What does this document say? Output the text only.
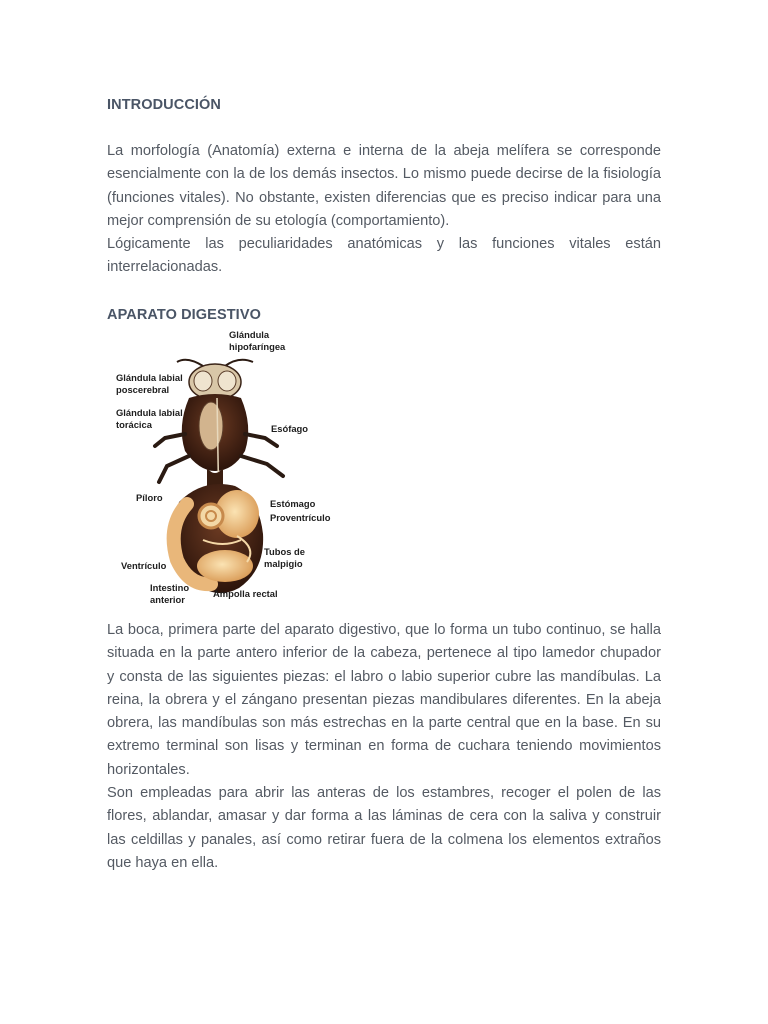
INTRODUCCIÓN
La morfología (Anatomía) externa e interna de la abeja melífera se corresponde
esencialmente con la de los demás insectos. Lo mismo puede decirse de la fisiología
(funciones vitales). No obstante, existen diferencias que es preciso indicar para una
mejor comprensión de su etología (comportamiento).
Lógicamente las peculiaridades anatómicas y las funciones vitales están
interrelacionadas.
APARATO DIGESTIVO
Glándula
hipofaríngea
Glándula labial
poscerebral
Glándula labial
torácica	Esófago
Píloro
Estómago
Proventrículo
Tubos de
malpigio
Ventrículo
Intestino
anterior
Ampolla rectal
La boca, primera parte del aparato digestivo, que lo forma un tubo continuo, se halla
situada en la parte antero inferior de la cabeza, pertenece al tipo lamedor chupador
y consta de las siguientes piezas: el labro o labio superior cubre las mandíbulas. La
reina, la obrera y el zángano presentan piezas mandibulares diferentes. En la abeja
obrera, las mandíbulas son más estrechas en la parte central que en la base. En su
extremo terminal son lisas y terminan en forma de cuchara teniendo movimientos
horizontales.
Son empleadas para abrir las anteras de los estambres, recoger el polen de las
flores, ablandar, amasar y dar forma a las láminas de cera con la saliva y construir
las celdillas y panales, así como retirar fuera de la colmena los elementos extraños
que haya en ella.
